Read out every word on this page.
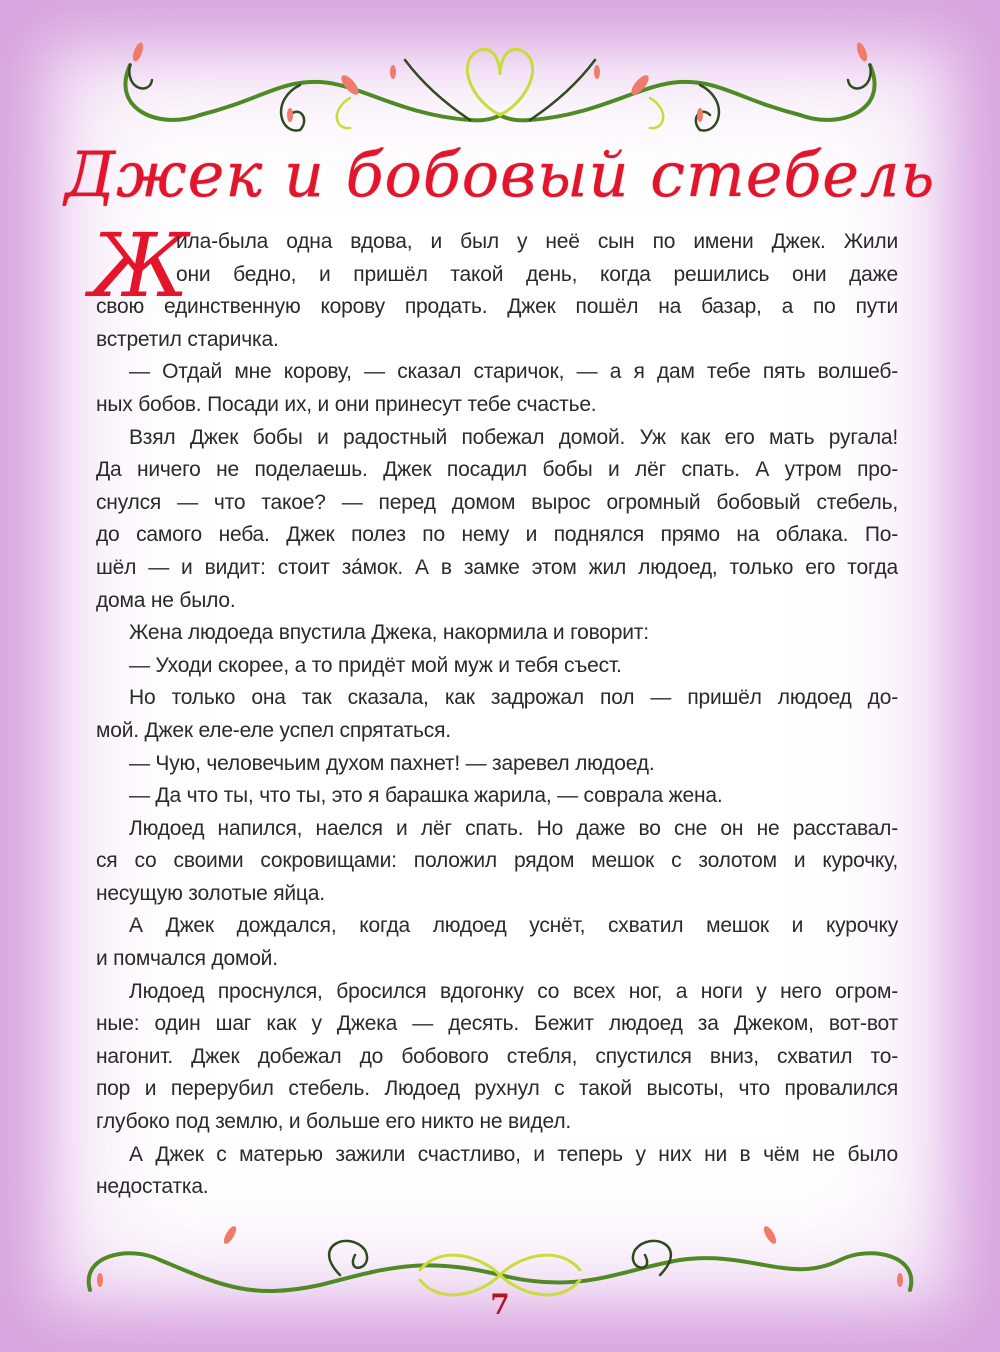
Джек и бобовый стебель
Ж
ила-была одна вдова, и был у неё сын по имени Джек. Жили
они бедно, и пришёл такой день, когда решились они даже
свою единственную корову продать. Джек пошёл на базар, а по пути
встретил старичка.
— Отдай мне корову, — сказал старичок, — а я дам тебе пять волшеб-
ных бобов. Посади их, и они принесут тебе счастье.
Взял Джек бобы и радостный побежал домой. Уж как его мать ругала!
Да ничего не поделаешь. Джек посадил бобы и лёг спать. А утром про-
снулся — что такое? — перед домом вырос огромный бобовый стебель,
до самого неба. Джек полез по нему и поднялся прямо на облака. По-
шёл — и видит: стоит за́мок. А в замке этом жил людоед, только его тогда
дома не было.
Жена людоеда впустила Джека, накормила и говорит:
— Уходи скорее, а то придёт мой муж и тебя съест.
Но только она так сказала, как задрожал пол — пришёл людоед до-
мой. Джек еле-еле успел спрятаться.
— Чую, человечьим духом пахнет! — заревел людоед.
— Да что ты, что ты, это я барашка жарила, — соврала жена.
Людоед напился, наелся и лёг спать. Но даже во сне он не расставал-
ся со своими сокровищами: положил рядом мешок с золотом и курочку,
несущую золотые яйца.
А Джек дождался, когда людоед уснёт, схватил мешок и курочку
и помчался домой.
Людоед проснулся, бросился вдогонку со всех ног, а ноги у него огром-
ные: один шаг как у Джека — десять. Бежит людоед за Джеком, вот-вот
нагонит. Джек добежал до бобового стебля, спустился вниз, схватил то-
пор и перерубил стебель. Людоед рухнул с такой высоты, что провалился
глубоко под землю, и больше его никто не видел.
А Джек с матерью зажили счастливо, и теперь у них ни в чём не было
недостатка.
7
